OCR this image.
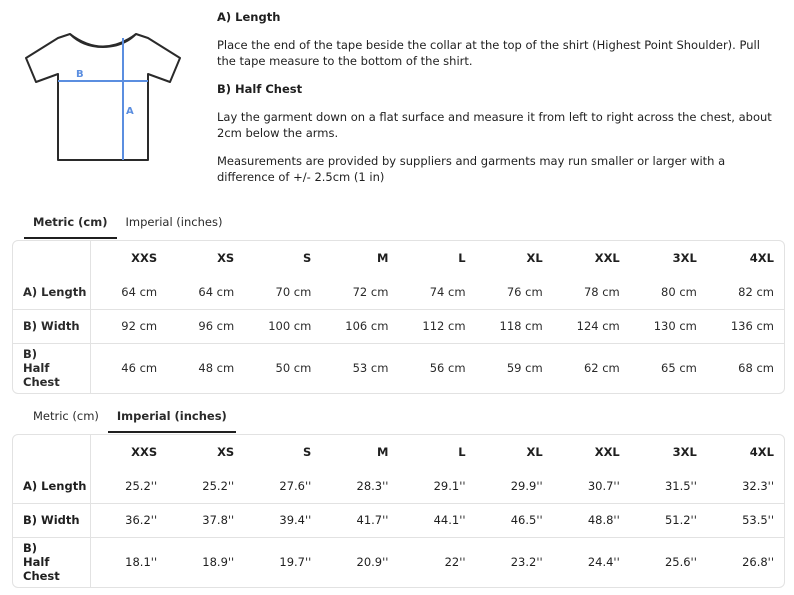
B
A
A) Length

Place the end of the tape beside the collar at the top of the shirt (Highest Point Shoulder). Pull the tape measure to the bottom of the shirt.

B) Half Chest

Lay the garment down on a flat surface and measure it from left to right across the chest, about 2cm below the arms.

Measurements are provided by suppliers and garments may run smaller or larger with a difference of +/- 2.5cm (1 in)

Metric (cm)	Imperial (inches)
	XXS	XS	S	M	L	XL	XXL	3XL	4XL
A) Length	64 cm	64 cm	70 cm	72 cm	74 cm	76 cm	78 cm	80 cm	82 cm
B) Width	92 cm	96 cm	100 cm	106 cm	112 cm	118 cm	124 cm	130 cm	136 cm
B) Half Chest	46 cm	48 cm	50 cm	53 cm	56 cm	59 cm	62 cm	65 cm	68 cm
Metric (cm)	Imperial (inches)
	XXS	XS	S	M	L	XL	XXL	3XL	4XL
A) Length	25.2''	25.2''	27.6''	28.3''	29.1''	29.9''	30.7''	31.5''	32.3''
B) Width	36.2''	37.8''	39.4''	41.7''	44.1''	46.5''	48.8''	51.2''	53.5''
B) Half Chest	18.1''	18.9''	19.7''	20.9''	22''	23.2''	24.4''	25.6''	26.8''
